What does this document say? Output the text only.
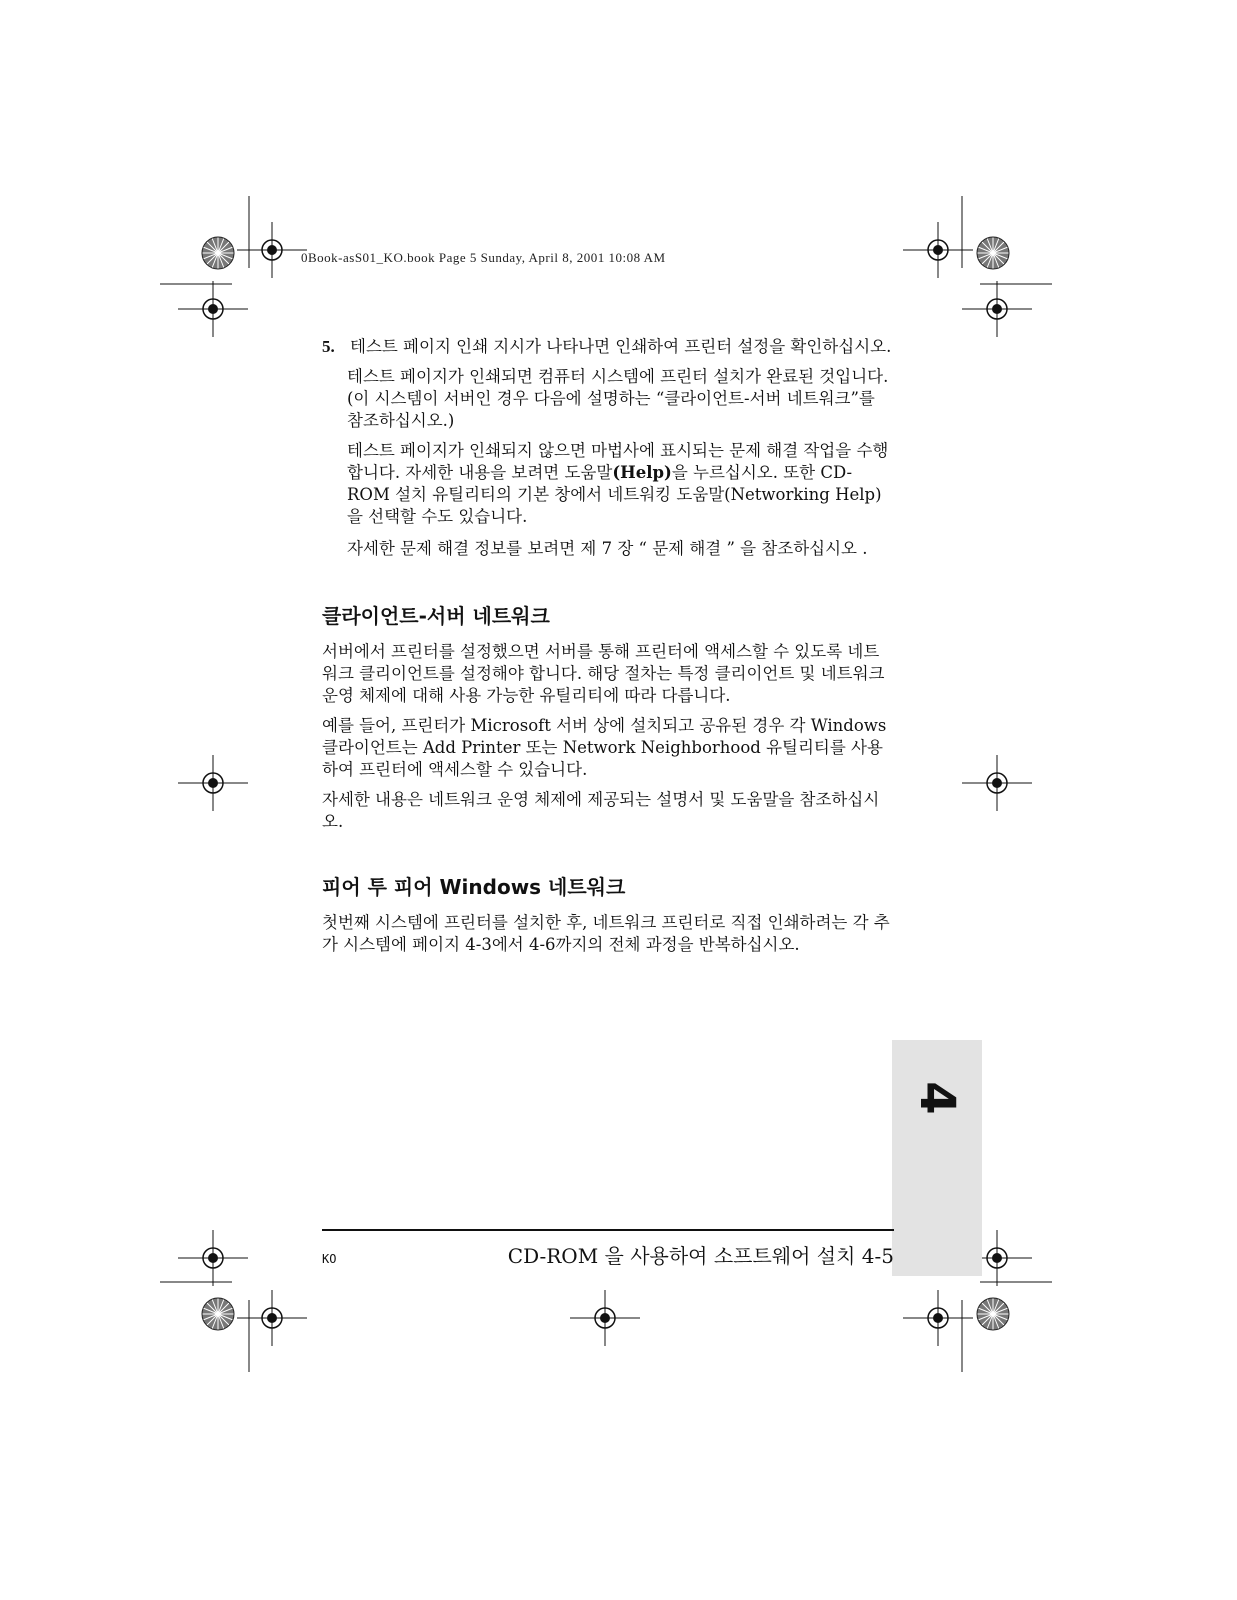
0Book-asS01_KO.book Page 5 Sunday, April 8, 2001 10:08 AM
5. 테스트 페이지 인쇄 지시가 나타나면 인쇄하여 프린터 설정을 확인하십시오.
테스트 페이지가 인쇄되면 컴퓨터 시스템에 프린터 설치가 완료된 것입니다. (이 시스템이 서버인 경우 다음에 설명하는 “클라이언트-서버 네트워크”를 참조하십시오.)
테스트 페이지가 인쇄되지 않으면 마법사에 표시되는 문제 해결 작업을 수행합니다. 자세한 내용을 보려면 도움말(Help)을 누르십시오. 또한 CD-ROM 설치 유틸리티의 기본 창에서 네트워킹 도움말(Networking Help)을 선택할 수도 있습니다.
자세한 문제 해결 정보를 보려면 제 7 장 “ 문제 해결 ” 을 참조하십시오 .
클라이언트-서버 네트워크

서버에서 프린터를 설정했으면 서버를 통해 프린터에 액세스할 수 있도록 네트워크 클리이언트를 설정해야 합니다. 해당 절차는 특정 클리이언트 및 네트워크 운영 체제에 대해 사용 가능한 유틸리티에 따라 다릅니다.

예를 들어, 프린터가 Microsoft 서버 상에 설치되고 공유된 경우 각 Windows 클라이언트는 Add Printer 또는 Network Neighborhood 유틸리티를 사용하여 프린터에 액세스할 수 있습니다.

자세한 내용은 네트워크 운영 체제에 제공되는 설명서 및 도움말을 참조하십시오.

피어 투 피어 Windows 네트워크

첫번째 시스템에 프린터를 설치한 후, 네트워크 프린터로 직접 인쇄하려는 각 추가 시스템에 페이지 4-3에서 4-6까지의 전체 과정을 반복하십시오.

4
KO	CD-ROM 을 사용하여 소프트웨어 설치 4-5
